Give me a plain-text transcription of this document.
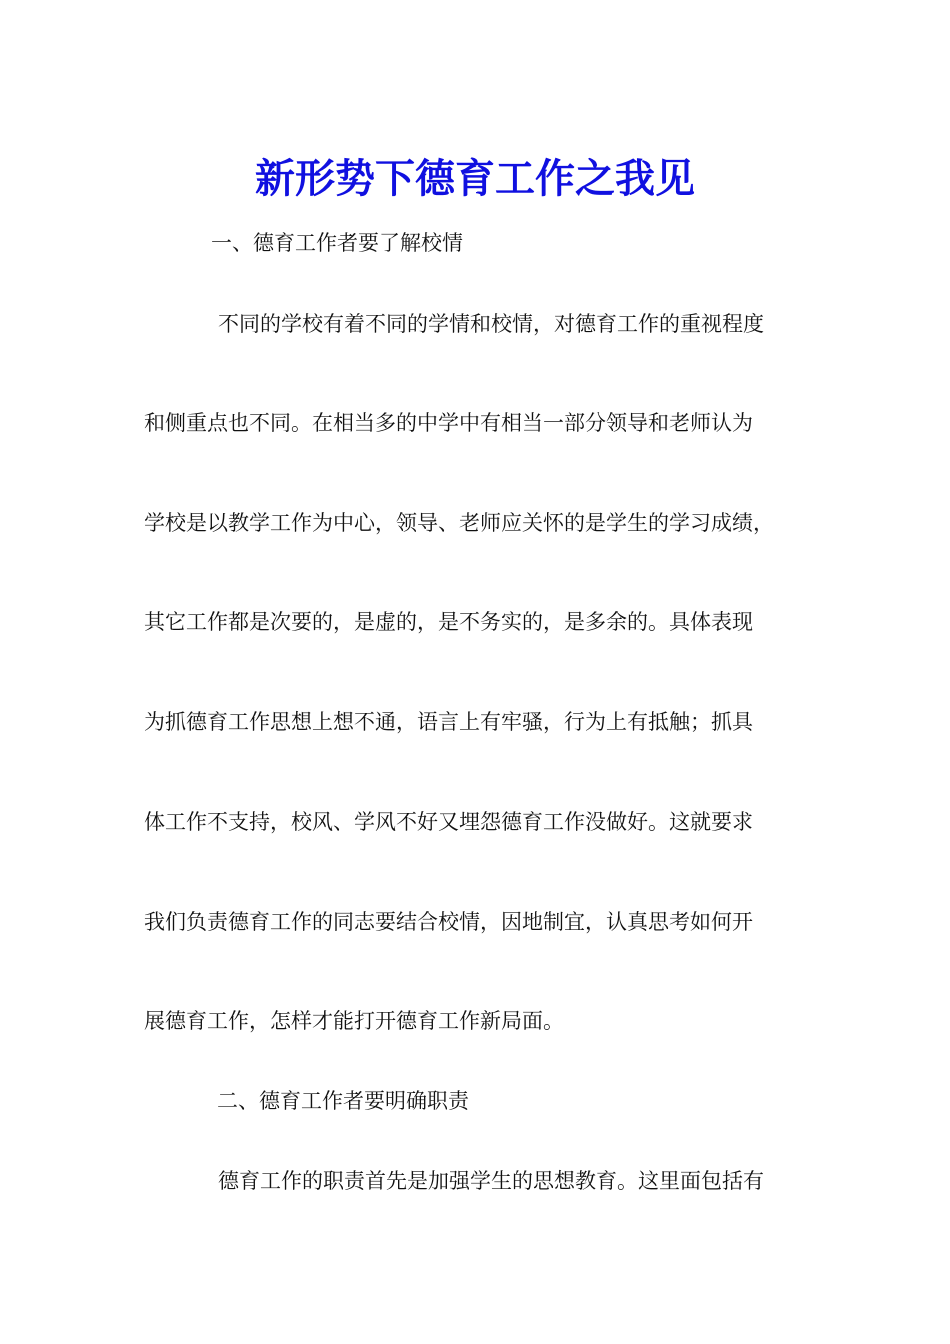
新形势下德育工作之我见
一、德育工作者要了解校情
不同的学校有着不同的学情和校情，对德育工作的重视程度
和侧重点也不同。在相当多的中学中有相当一部分领导和老师认为
学校是以教学工作为中心，领导、老师应关怀的是学生的学习成绩，
其它工作都是次要的，是虚的，是不务实的，是多余的。具体表现
为抓德育工作思想上想不通，语言上有牢骚，行为上有抵触；抓具
体工作不支持，校风、学风不好又埋怨德育工作没做好。这就要求
我们负责德育工作的同志要结合校情，因地制宜，认真思考如何开
展德育工作，怎样才能打开德育工作新局面。
二、德育工作者要明确职责
德育工作的职责首先是加强学生的思想教育。这里面包括有
